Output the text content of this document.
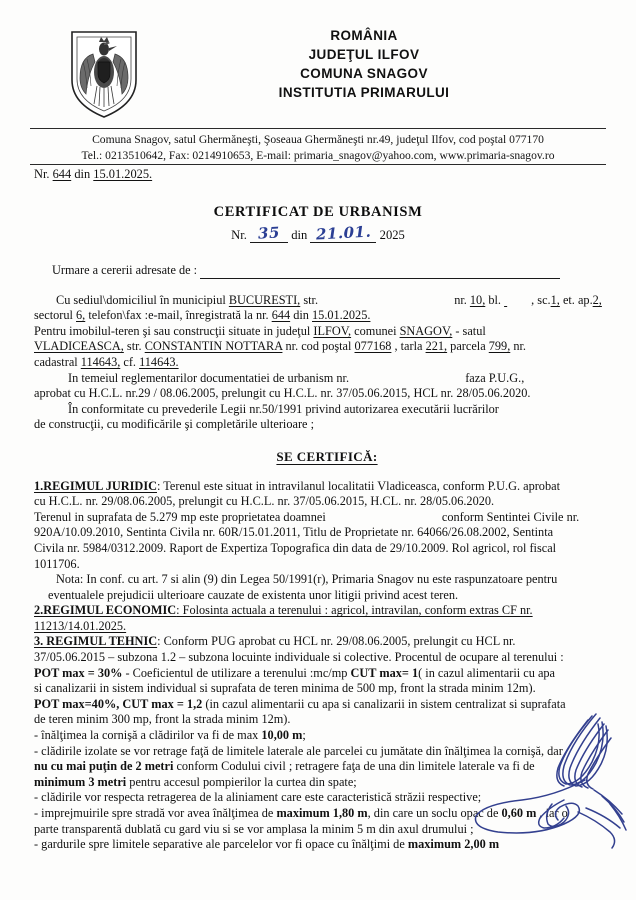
ROMÂNIA
JUDEŢUL ILFOV
COMUNA SNAGOV
INSTITUTIA PRIMARULUI
Comuna Snagov, satul Ghermăneşti, Şoseaua Ghermăneşti nr.49, judeţul Ilfov, cod poştal 077170
Tel.: 0213510642, Fax: 0214910653, E-mail: primaria_snagov@yahoo.com, www.primaria-snagov.ro
Nr. 644 din 15.01.2025.
CERTIFICAT DE URBANISM
Nr. 35 din 21.01. 2025
Urmare a cererii adresate de :

Cu sediul\domiciliul în municipiul BUCURESTI, str.	nr. 10, bl. , sc.1, et. ap.2,

sectorul 6, telefon\fax :e-mail, înregistrată la nr. 644 din 15.01.2025.

Pentru imobilul-teren şi sau construcţii situate in judeţul ILFOV, comunei SNAGOV, - satul

VLADICEASCA, str. CONSTANTIN NOTTARA nr. cod poştal 077168 , tarla 221, parcela 799, nr.

cadastral 114643, cf. 114643.

In temeiul reglementarilor documentatiei de urbanism nr.	faza P.U.G.,

aprobat cu H.C.L. nr.29 / 08.06.2005, prelungit cu H.C.L. nr. 37/05.06.2015, HCL nr. 28/05.06.2020.

În conformitate cu prevederile Legii nr.50/1991 privind autorizarea executării lucrărilor

de construcţii, cu modificările şi completările ulterioare ;

SE CERTIFICĂ:

1.REGIMUL JURIDIC: Terenul este situat in intravilanul localitatii Vladiceasca, conform P.U.G. aprobat

cu H.C.L. nr. 29/08.06.2005, prelungit cu H.C.L. nr. 37/05.06.2015, H.CL. nr. 28/05.06.2020.

Terenul in suprafata de 5.279 mp este proprietatea doamnei	conform Sentintei Civile nr.

920A/10.09.2010, Sentinta Civila nr. 60R/15.01.2011, Titlu de Proprietate nr. 64066/26.08.2002, Sentinta

Civila nr. 5984/0312.2009. Raport de Expertiza Topografica din data de 29/10.2009. Rol agricol, rol fiscal

1011706.

Nota: In conf. cu art. 7 si alin (9) din Legea 50/1991(r), Primaria Snagov nu este raspunzatoare pentru

eventualele prejudicii ulterioare cauzate de existenta unor litigii privind acest teren.

2.REGIMUL ECONOMIC: Folosinta actuala a terenului : agricol, intravilan, conform extras CF nr.

11213/14.01.2025.

3. REGIMUL TEHNIC: Conform PUG aprobat cu HCL nr. 29/08.06.2005, prelungit cu HCL nr.

37/05.06.2015 – subzona 1.2 – subzona locuinte individuale si colective. Procentul de ocupare al terenului :

POT max = 30% - Coeficientul de utilizare a terenului :mc/mp CUT max= 1( in cazul alimentarii cu apa

si canalizarii in sistem individual si suprafata de teren minima de 500 mp, front la strada minim 12m).

POT max=40%, CUT max = 1,2 (in cazul alimentarii cu apa si canalizarii in sistem centralizat si suprafata

de teren minim 300 mp, front la strada minim 12m).

- înălţimea la cornişă a clădirilor va fi de max 10,00 m;

- clădirile izolate se vor retrage faţă de limitele laterale ale parcelei cu jumătate din înălţimea la cornişă, dar

nu cu mai puţin de 2 metri conform Codului civil ; retragere faţa de una din limitele laterale va fi de

minimum 3 metri pentru accesul pompierilor la curtea din spate;

- clădirile vor respecta retragerea de la aliniament care este caracteristică străzii respective;

- imprejmuirile spre stradă vor avea înălţimea de maximum 1,80 m, din care un soclu opac de 0,60 m , iar o

parte transparentă dublată cu gard viu si se vor amplasa la minim 5 m din axul drumului ;

- gardurile spre limitele separative ale parcelelor vor fi opace cu înălţimi de maximum 2,00 m
